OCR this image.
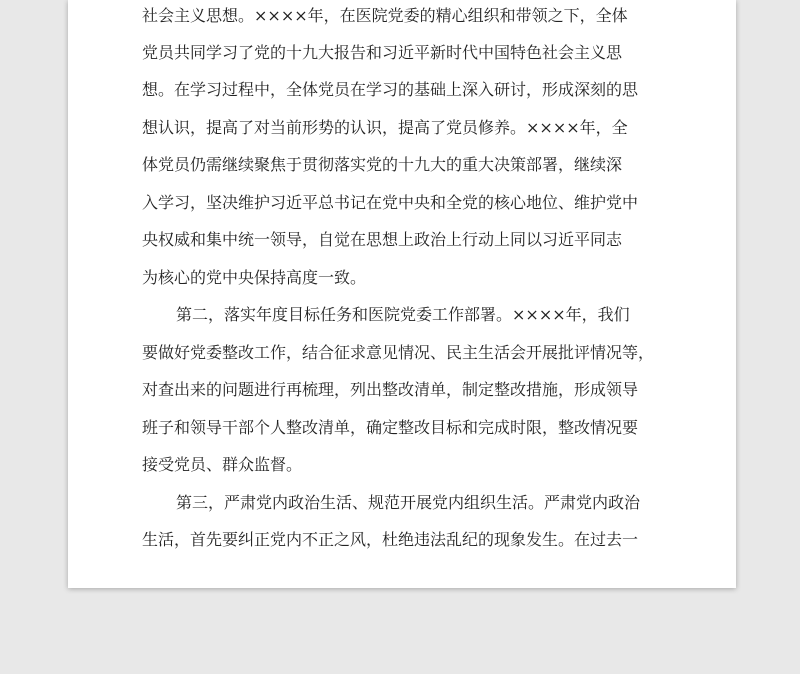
社会主义思想。××××年，在医院党委的精心组织和带领之下，全体
党员共同学习了党的十九大报告和习近平新时代中国特色社会主义思
想。在学习过程中，全体党员在学习的基础上深入研讨，形成深刻的思
想认识，提高了对当前形势的认识，提高了党员修养。××××年，全
体党员仍需继续聚焦于贯彻落实党的十九大的重大决策部署，继续深
入学习，坚决维护习近平总书记在党中央和全党的核心地位、维护党中
央权威和集中统一领导，自觉在思想上政治上行动上同以习近平同志
为核心的党中央保持高度一致。
第二，落实年度目标任务和医院党委工作部署。××××年，我们
要做好党委整改工作，结合征求意见情况、民主生活会开展批评情况等，
对查出来的问题进行再梳理，列出整改清单，制定整改措施，形成领导
班子和领导干部个人整改清单，确定整改目标和完成时限，整改情况要
接受党员、群众监督。
第三，严肃党内政治生活、规范开展党内组织生活。严肃党内政治
生活，首先要纠正党内不正之风，杜绝违法乱纪的现象发生。在过去一
